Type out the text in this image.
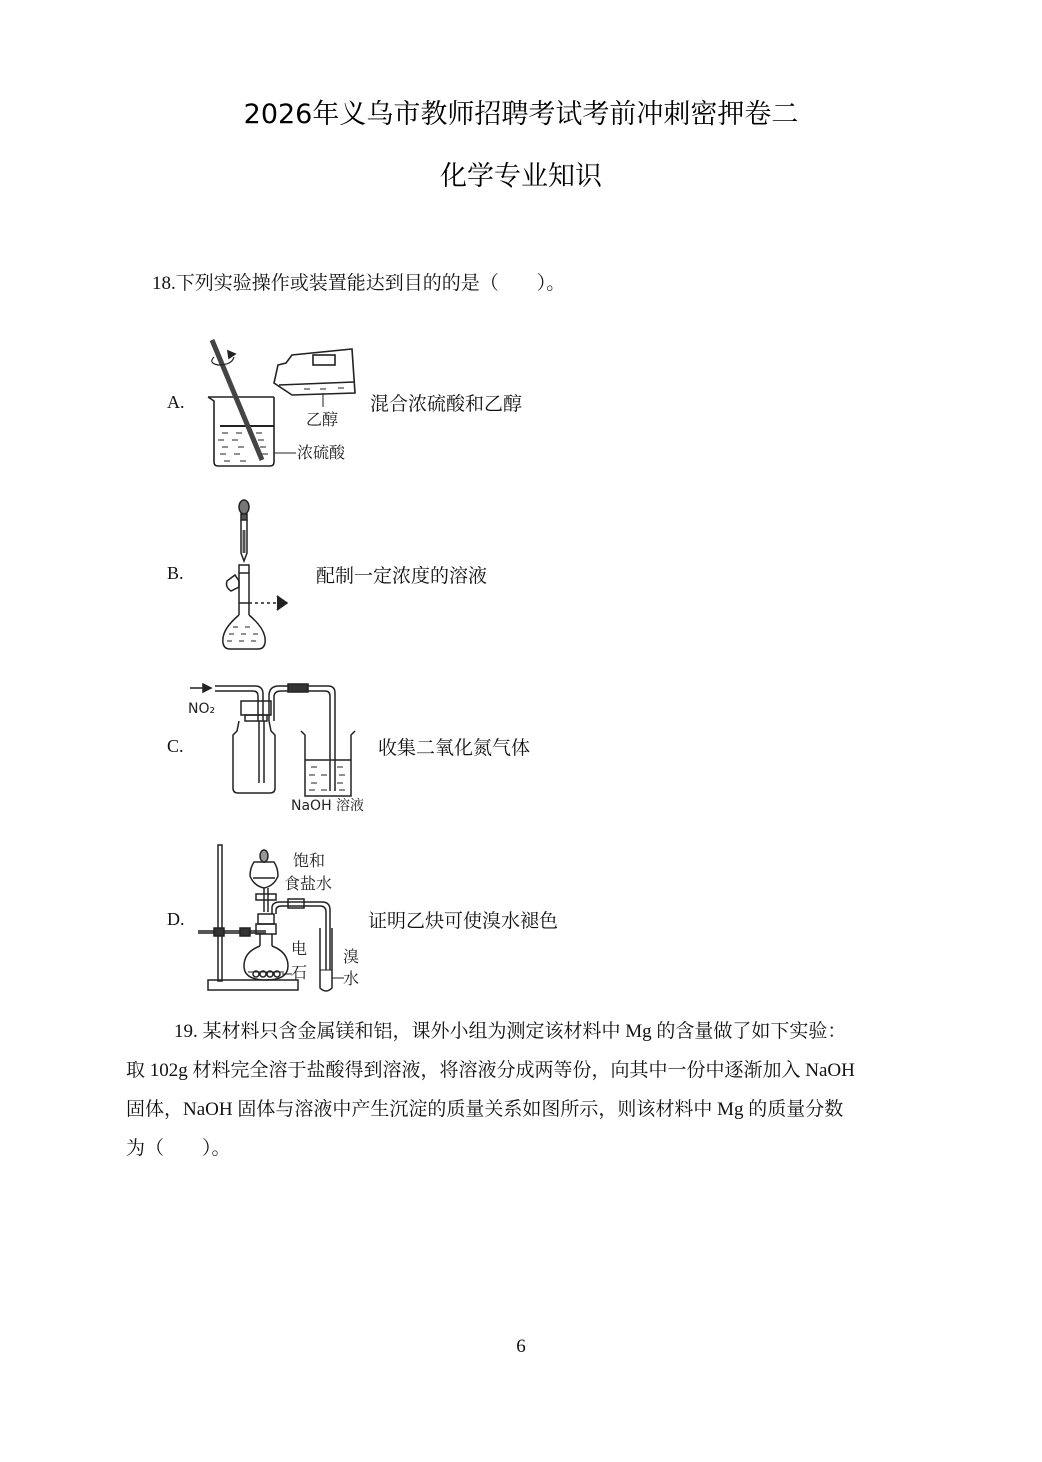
2026年义乌市教师招聘考试考前冲刺密押卷二
化学专业知识
18.下列实验操作或装置能达到目的的是（　　）。
A.
乙醇
浓硫酸
混合浓硫酸和乙醇
B.	配制一定浓度的溶液
C.
NO₂
NaOH 溶液
收集二氧化氮气体
D.
饱和
食盐水
电
石
溴
水
证明乙炔可使溴水褪色

19. 某材料只含金属镁和铝，课外小组为测定该材料中 Mg 的含量做了如下实验：

取 102g 材料完全溶于盐酸得到溶液，将溶液分成两等份，向其中一份中逐渐加入 NaOH

固体，NaOH 固体与溶液中产生沉淀的质量关系如图所示，则该材料中 Mg 的质量分数

为（　　）。

6
